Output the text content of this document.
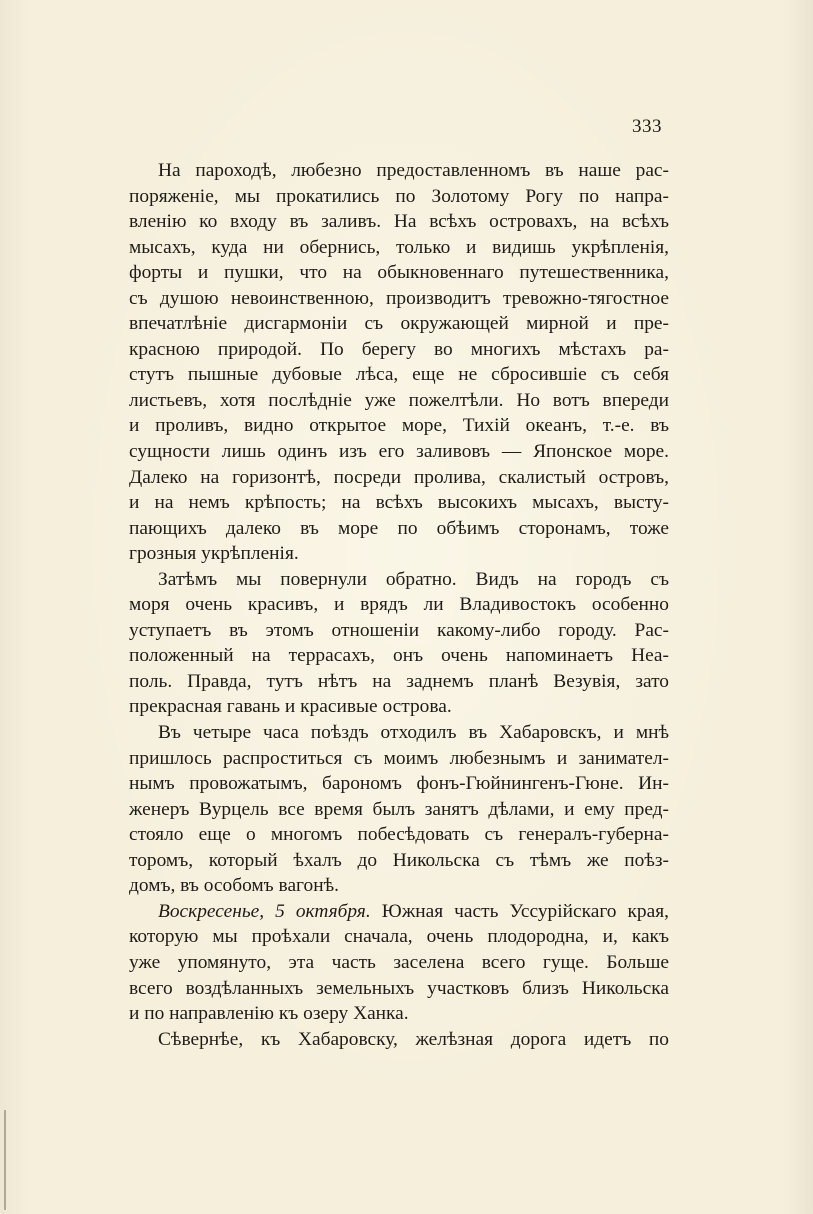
333
На пароходѣ, любезно предоставленномъ въ наше рас-
поряженіе, мы прокатились по Золотому Рогу по напра-
вленію ко входу въ заливъ. На всѣхъ островахъ, на всѣхъ
мысахъ, куда ни обернись, только и видишь укрѣпленія,
форты и пушки, что на обыкновеннаго путешественника,
съ душою невоинственною, производитъ тревожно-тягостное
впечатлѣніе дисгармоніи съ окружающей мирной и пре-
красною природой. По берегу во многихъ мѣстахъ ра-
стутъ пышные дубовые лѣса, еще не сбросившіе съ себя
листьевъ, хотя послѣдніе уже пожелтѣли. Но вотъ впереди
и проливъ, видно открытое море, Тихій океанъ, т.-е. въ
сущности лишь одинъ изъ его заливовъ — Японское море.
Далеко на горизонтѣ, посреди пролива, скалистый островъ,
и на немъ крѣпость; на всѣхъ высокихъ мысахъ, высту-
пающихъ далеко въ море по обѣимъ сторонамъ, тоже
грозныя укрѣпленія.
Затѣмъ мы повернули обратно. Видъ на городъ съ
моря очень красивъ, и врядъ ли Владивостокъ особенно
уступаетъ въ этомъ отношеніи какому-либо городу. Рас-
положенный на террасахъ, онъ очень напоминаетъ Неа-
поль. Правда, тутъ нѣтъ на заднемъ планѣ Везувія, зато
прекрасная гавань и красивые острова.
Въ четыре часа поѣздъ отходилъ въ Хабаровскъ, и мнѣ
пришлось распроститься съ моимъ любезнымъ и занимател-
нымъ провожатымъ, барономъ фонъ-Гюйнингенъ-Гюне. Ин-
женеръ Вурцель все время былъ занятъ дѣлами, и ему пред-
стояло еще о многомъ побесѣдовать съ генералъ-губерна-
торомъ, который ѣхалъ до Никольска съ тѣмъ же поѣз-
домъ, въ особомъ вагонѣ.
Воскресенье, 5 октября. Южная часть Уссурійскаго края,
которую мы проѣхали сначала, очень плодородна, и, какъ
уже упомянуто, эта часть заселена всего гуще. Больше
всего воздѣланныхъ земельныхъ участковъ близъ Никольска
и по направленію къ озеру Ханка.
Сѣвернѣе, къ Хабаровску, желѣзная дорога идетъ по
